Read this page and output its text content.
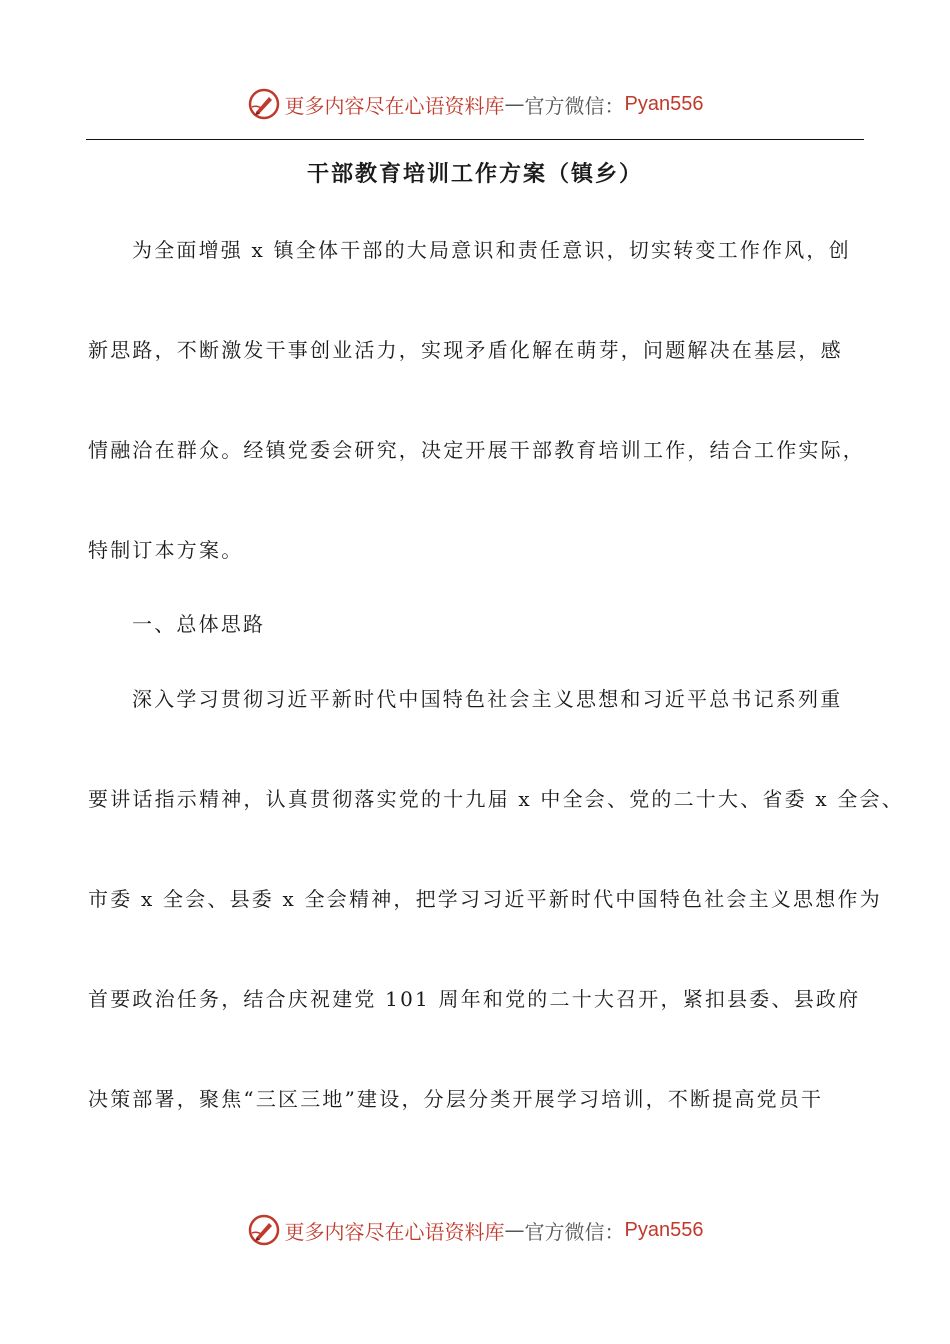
更多内容尽在心语资料库 — 官方微信： Pyan556
干部教育培训工作方案（镇乡）
为全面增强 x 镇全体干部的大局意识和责任意识，切实转变工作作风，创
新思路，不断激发干事创业活力，实现矛盾化解在萌芽，问题解决在基层，感
情融洽在群众。经镇党委会研究，决定开展干部教育培训工作，结合工作实际，
特制订本方案。
一、总体思路
深入学习贯彻习近平新时代中国特色社会主义思想和习近平总书记系列重
要讲话指示精神，认真贯彻落实党的十九届 x 中全会、党的二十大、省委 x 全会、
市委 x 全会、县委 x 全会精神，把学习习近平新时代中国特色社会主义思想作为
首要政治任务，结合庆祝建党 101 周年和党的二十大召开，紧扣县委、县政府
决策部署，聚焦“三区三地”建设，分层分类开展学习培训，不断提高党员干
更多内容尽在心语资料库 — 官方微信： Pyan556
